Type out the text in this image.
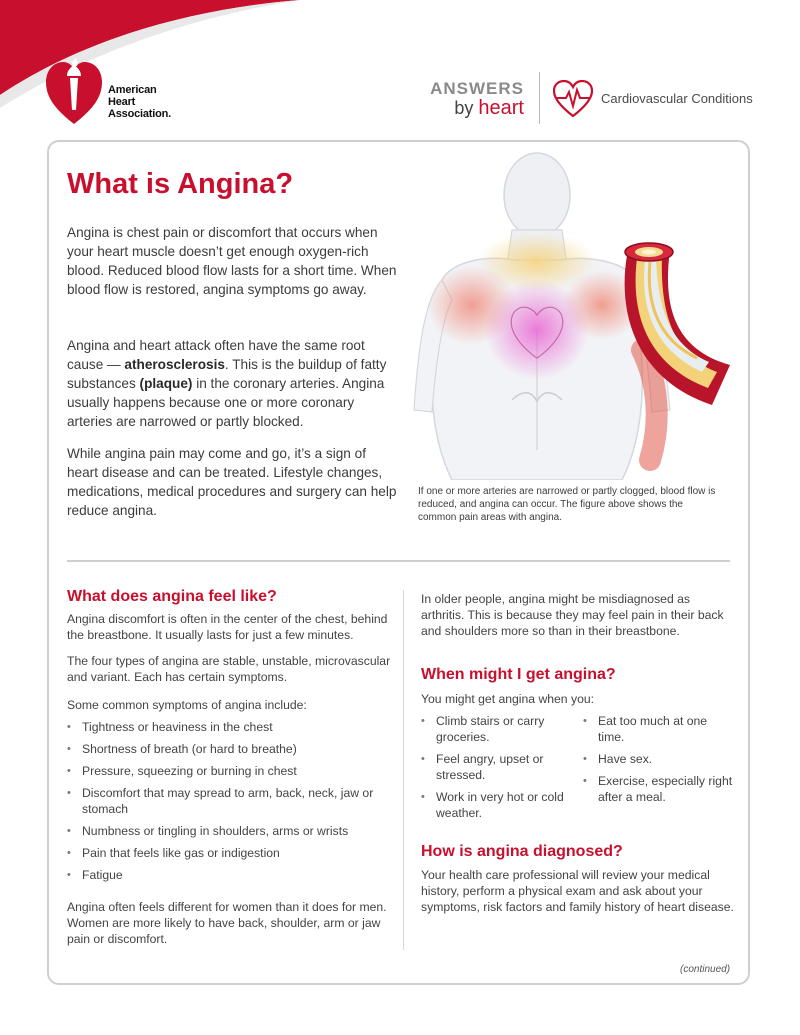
American
Heart
Association.
ANSWERS
by heart	Cardiovascular Conditions
What is Angina?

Angina is chest pain or discomfort that occurs when your heart muscle doesn’t get enough oxygen-rich blood. Reduced blood flow lasts for a short time. When blood flow is restored, angina symptoms go away.

Angina and heart attack often have the same root cause — atherosclerosis. This is the buildup of fatty substances (plaque) in the coronary arteries. Angina usually happens because one or more coronary arteries are narrowed or partly blocked.

While angina pain may come and go, it’s a sign of heart disease and can be treated. Lifestyle changes, medications, medical procedures and surgery can help reduce angina.

If one or more arteries are narrowed or partly clogged, blood flow is reduced, and angina can occur. The figure above shows the common pain areas with angina.

What does angina feel like?

Angina discomfort is often in the center of the chest, behind the breastbone. It usually lasts for just a few minutes.

The four types of angina are stable, unstable, microvascular and variant. Each has certain symptoms.

Some common symptoms of angina include:

• Tightness or heaviness in the chest
• Shortness of breath (or hard to breathe)
• Pressure, squeezing or burning in chest
• Discomfort that may spread to arm, back, neck, jaw or stomach
• Numbness or tingling in shoulders, arms or wrists
• Pain that feels like gas or indigestion
• Fatigue

Angina often feels different for women than it does for men. Women are more likely to have back, shoulder, arm or jaw pain or discomfort.

In older people, angina might be misdiagnosed as arthritis. This is because they may feel pain in their back and shoulders more so than in their breastbone.

When might I get angina?

You might get angina when you:

• Climb stairs or carry groceries.
• Feel angry, upset or stressed.
• Work in very hot or cold weather.
• Eat too much at one time.
• Have sex.
• Exercise, especially right after a meal.
How is angina diagnosed?

Your health care professional will review your medical history, perform a physical exam and ask about your symptoms, risk factors and family history of heart disease.

(continued)
